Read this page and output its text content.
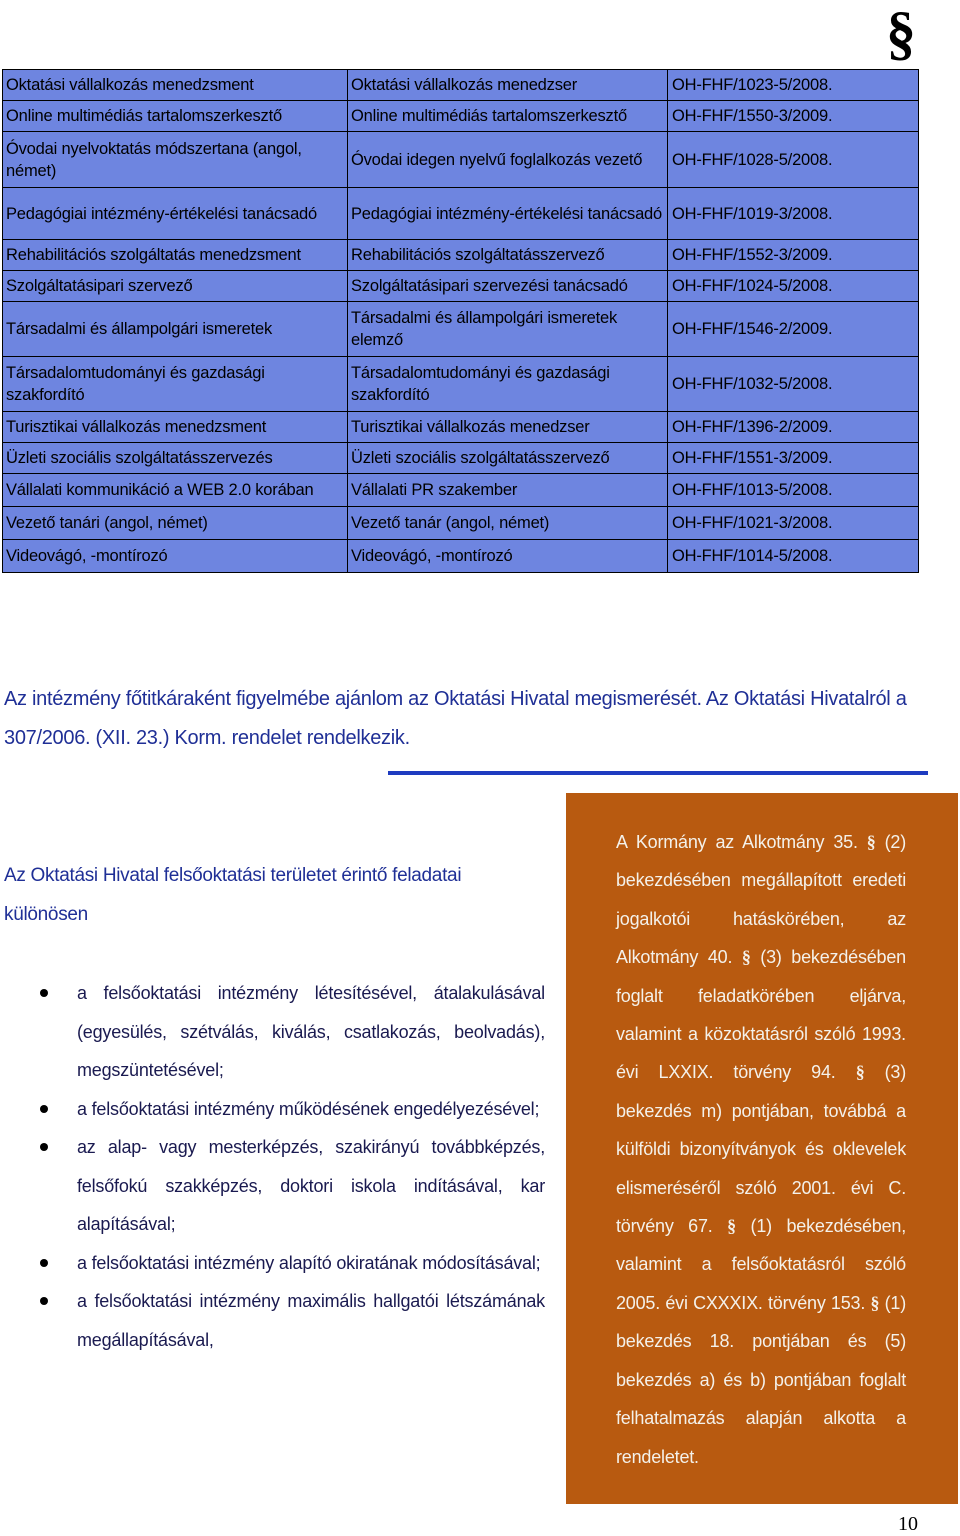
§
Oktatási vállalkozás menedzsment	Oktatási vállalkozás menedzser	OH-FHF/1023-5/2008.
Online multimédiás tartalomszerkesztő	Online multimédiás tartalomszerkesztő	OH-FHF/1550-3/2009.
Óvodai nyelvoktatás módszertana (angol, német)	Óvodai idegen nyelvű foglalkozás vezető	OH-FHF/1028-5/2008.
Pedagógiai intézmény-értékelési tanácsadó	Pedagógiai intézmény-értékelési tanácsadó	OH-FHF/1019-3/2008.
Rehabilitációs szolgáltatás menedzsment	Rehabilitációs szolgáltatásszervező	OH-FHF/1552-3/2009.
Szolgáltatásipari szervező	Szolgáltatásipari szervezési tanácsadó	OH-FHF/1024-5/2008.
Társadalmi és állampolgári ismeretek	Társadalmi és állampolgári ismeretek elemző	OH-FHF/1546-2/2009.
Társadalomtudományi és gazdasági szakfordító	Társadalomtudományi és gazdasági szakfordító	OH-FHF/1032-5/2008.
Turisztikai vállalkozás menedzsment	Turisztikai vállalkozás menedzser	OH-FHF/1396-2/2009.
Üzleti szociális szolgáltatásszervezés	Üzleti szociális szolgáltatásszervező	OH-FHF/1551-3/2009.
Vállalati kommunikáció a WEB 2.0 korában	Vállalati PR szakember	OH-FHF/1013-5/2008.
Vezető tanári (angol, német)	Vezető tanár (angol, német)	OH-FHF/1021-3/2008.
Videovágó, -montírozó	Videovágó, -montírozó	OH-FHF/1014-5/2008.
Az intézmény főtitkáraként figyelmébe ajánlom az Oktatási Hivatal megismerését. Az Oktatási Hivatalról a 307/2006. (XII. 23.) Korm. rendelet rendelkezik.
Az Oktatási Hivatal felsőoktatási területet érintő feladatai különösen
a felsőoktatási intézmény létesítésével, átalakulásával (egyesülés, szétválás, kiválás, csatlakozás, beolvadás), megszüntetésével;
a felsőoktatási intézmény működésének engedélyezésével;
az alap- vagy mesterképzés, szakirányú továbbképzés, felsőfokú szakképzés, doktori iskola indításával, kar alapításával;
a felsőoktatási intézmény alapító okiratának módosításával;
a felsőoktatási intézmény maximális hallgatói létszámának megállapításával,
A Kormány az Alkotmány 35. § (2) bekezdésében megállapított eredeti jogalkotói hatáskörében, az Alkotmány 40. § (3) bekezdésében foglalt feladatkörében eljárva, valamint a közoktatásról szóló 1993. évi LXXIX. törvény 94. § (3) bekezdés m) pontjában, továbbá a külföldi bizonyítványok és oklevelek elismeréséről szóló 2001. évi C. törvény 67. § (1) bekezdésében, valamint a felsőoktatásról szóló 2005. évi CXXXIX. törvény 153. § (1) bekezdés 18. pontjában és (5) bekezdés a) és b) pontjában foglalt felhatalmazás alapján alkotta a rendeletet.
10
